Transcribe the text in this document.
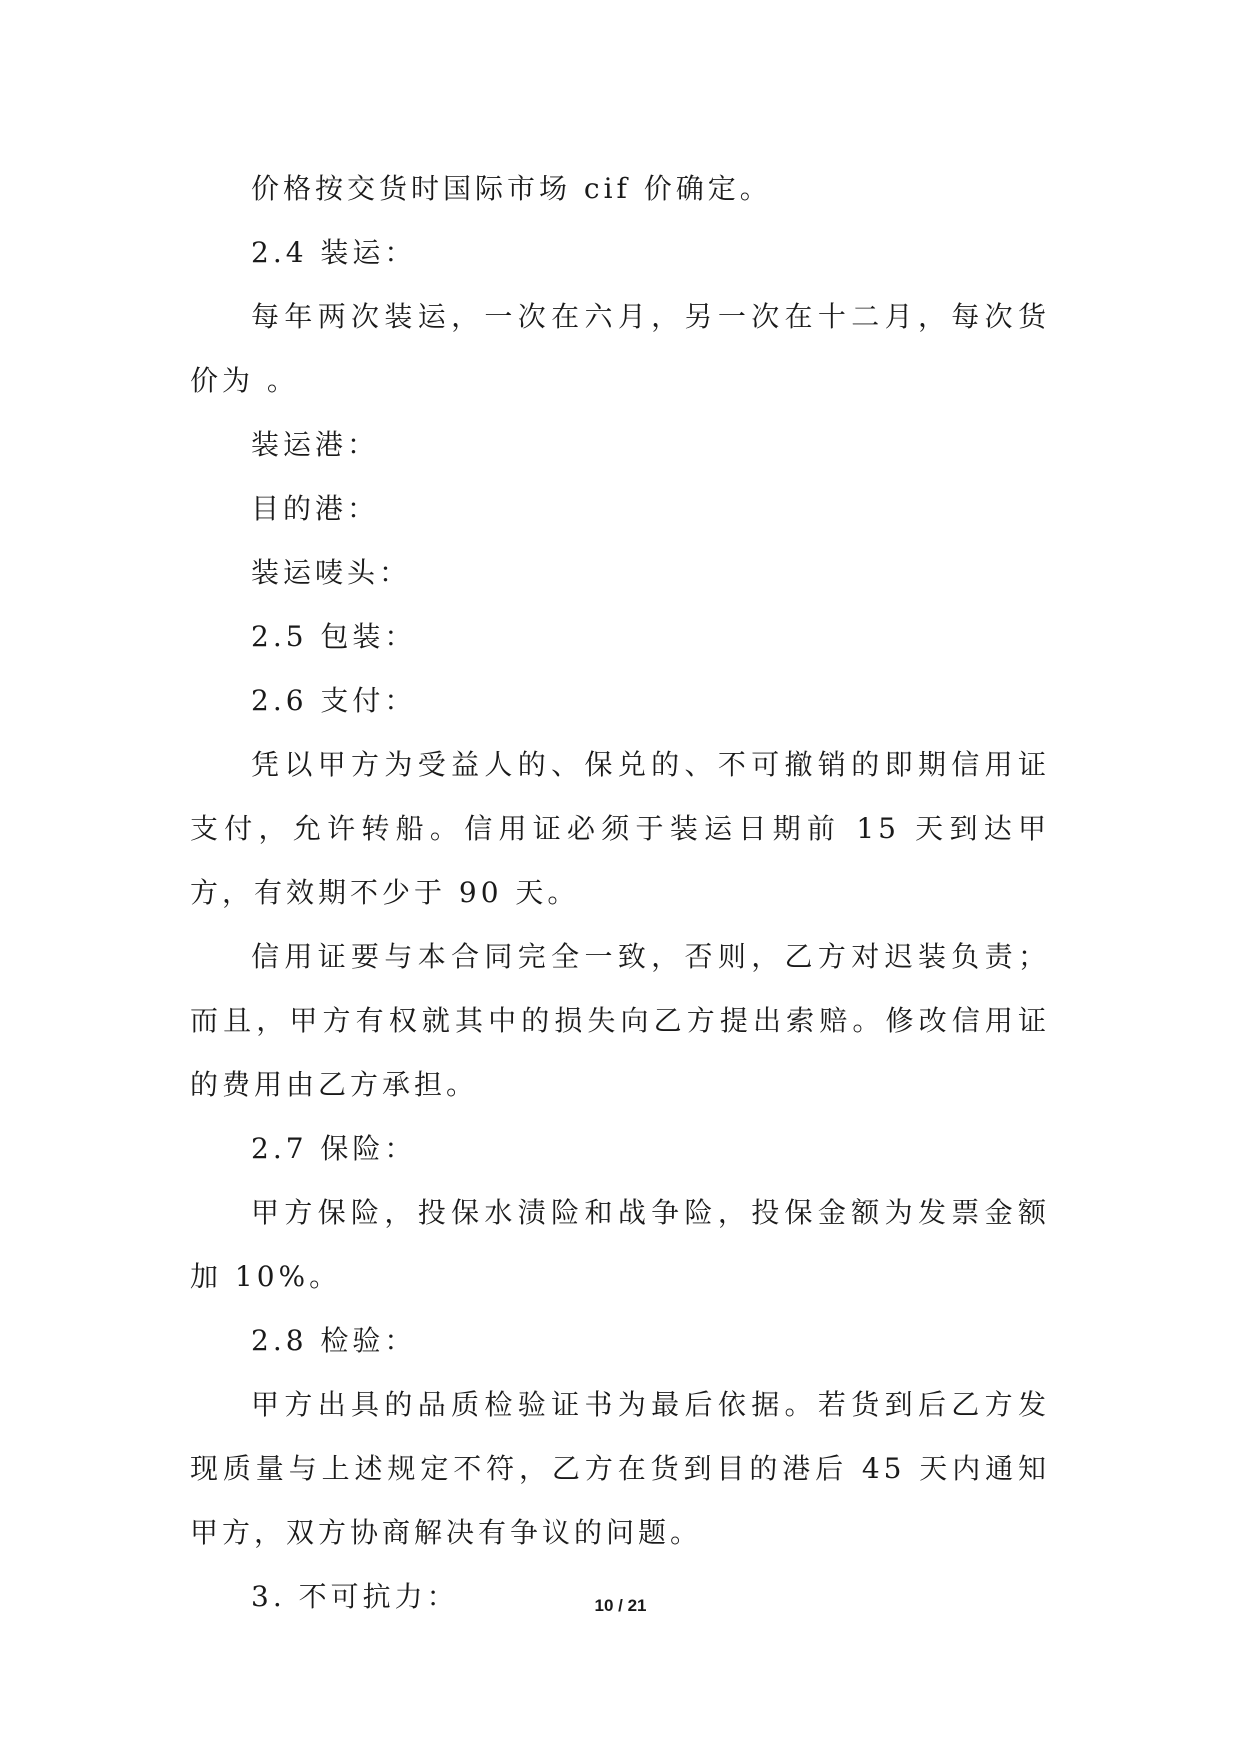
价格按交货时国际市场 cif 价确定。

2.4 装运：

每年两次装运，一次在六月，另一次在十二月，每次货价为 。

装运港：

目的港：

装运唛头：

2.5 包装：

2.6 支付：

凭以甲方为受益人的、保兑的、不可撤销的即期信用证支付，允许转船。信用证必须于装运日期前 15 天到达甲方，有效期不少于 90 天。

信用证要与本合同完全一致，否则，乙方对迟装负责；而且，甲方有权就其中的损失向乙方提出索赔。修改信用证的费用由乙方承担。

2.7 保险：

甲方保险，投保水渍险和战争险，投保金额为发票金额加 10%。

2.8 检验：

甲方出具的品质检验证书为最后依据。若货到后乙方发现质量与上述规定不符，乙方在货到目的港后 45 天内通知甲方，双方协商解决有争议的问题。

3. 不可抗力：	10 / 21
